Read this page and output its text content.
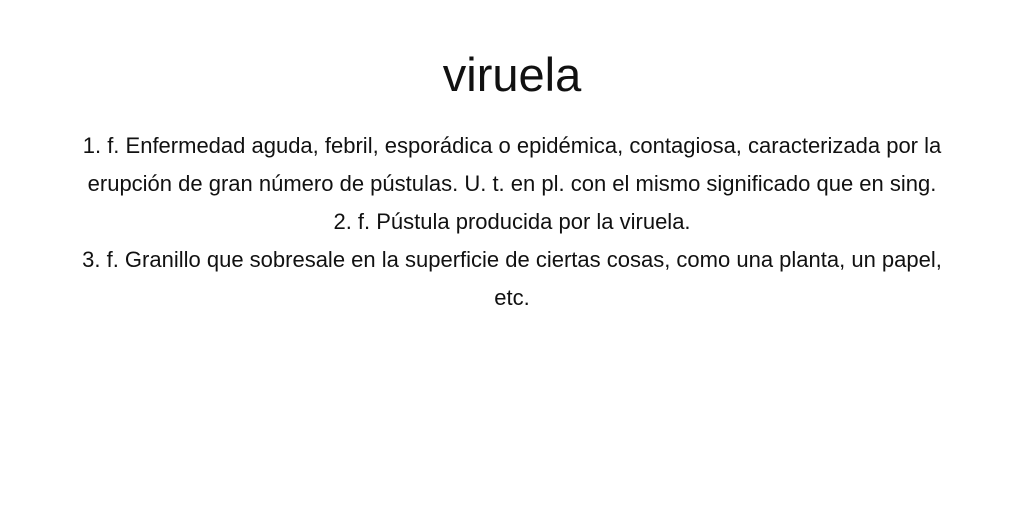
viruela
1. f. Enfermedad aguda, febril, esporádica o epidémica, contagiosa, caracterizada por la erupción de gran número de pústulas. U. t. en pl. con el mismo significado que en sing.
2. f. Pústula producida por la viruela.
3. f. Granillo que sobresale en la superficie de ciertas cosas, como una planta, un papel, etc.
